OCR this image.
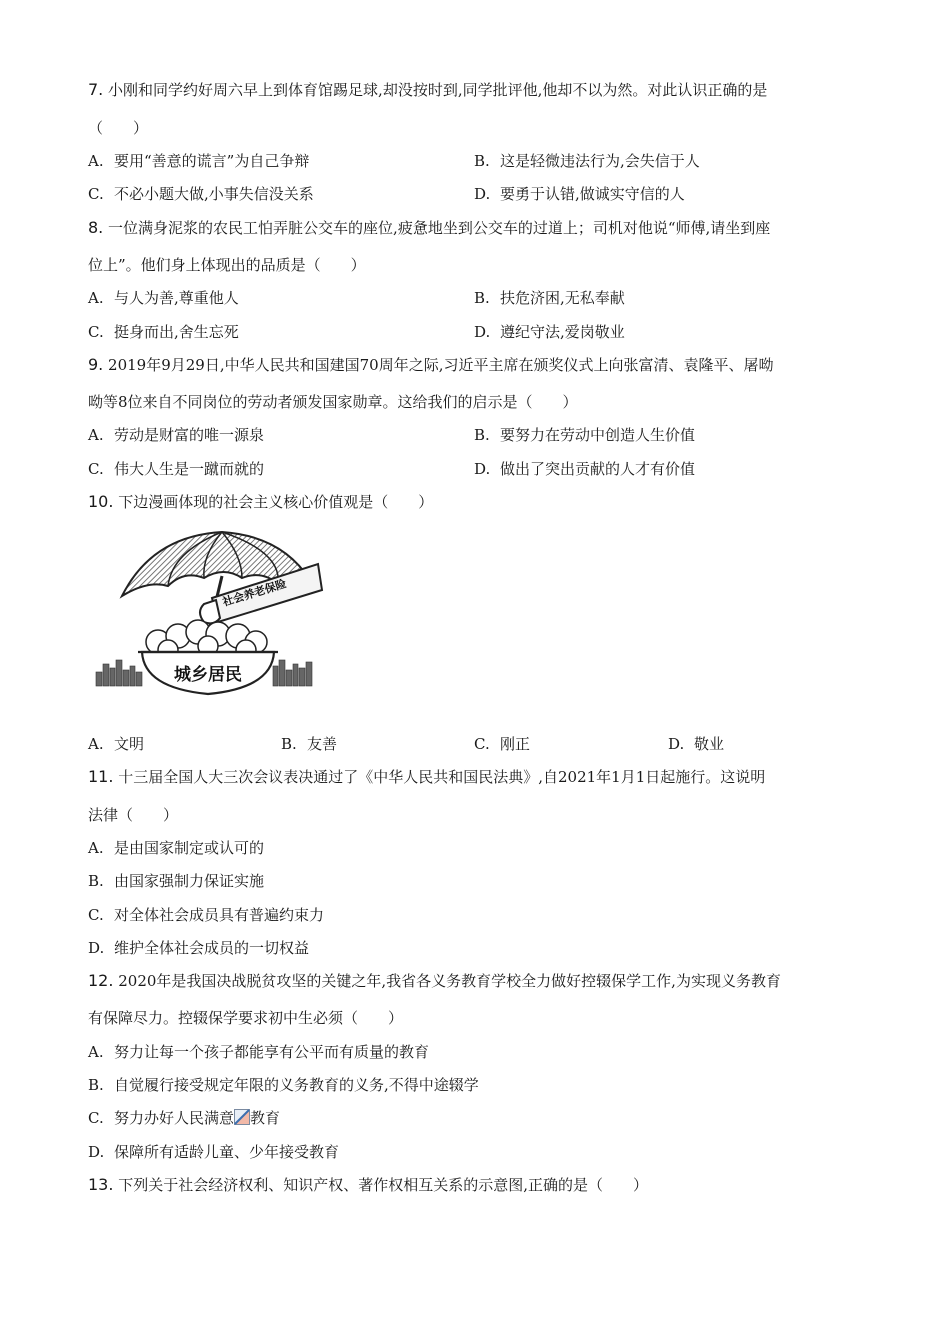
7. 小刚和同学约好周六早上到体育馆踢足球,却没按时到,同学批评他,他却不以为然。对此认识正确的是
（　　）
A. 要用“善意的谎言”为自己争辩	B. 这是轻微违法行为,会失信于人
C. 不必小题大做,小事失信没关系	D. 要勇于认错,做诚实守信的人
8. 一位满身泥浆的农民工怕弄脏公交车的座位,疲惫地坐到公交车的过道上；司机对他说“师傅,请坐到座
位上”。他们身上体现出的品质是（　　）
A. 与人为善,尊重他人	B. 扶危济困,无私奉献
C. 挺身而出,舍生忘死	D. 遵纪守法,爱岗敬业
9. 2019年9月29日,中华人民共和国建国70周年之际,习近平主席在颁奖仪式上向张富清、袁隆平、屠呦
呦等8位来自不同岗位的劳动者颁发国家勋章。这给我们的启示是（　　）
A. 劳动是财富的唯一源泉	B. 要努力在劳动中创造人生价值
C. 伟大人生是一蹴而就的	D. 做出了突出贡献的人才有价值
10. 下边漫画体现的社会主义核心价值观是（　　）
社会养老保险
城乡居民
A. 文明	B. 友善	C. 刚正	D. 敬业
11. 十三届全国人大三次会议表决通过了《中华人民共和国民法典》,自2021年1月1日起施行。这说明
法律（　　）
A. 是由国家制定或认可的
B. 由国家强制力保证实施
C. 对全体社会成员具有普遍约束力
D. 维护全体社会成员的一切权益
12. 2020年是我国决战脱贫攻坚的关键之年,我省各义务教育学校全力做好控辍保学工作,为实现义务教育
有保障尽力。控辍保学要求初中生必须（　　）
A. 努力让每一个孩子都能享有公平而有质量的教育
B. 自觉履行接受规定年限的义务教育的义务,不得中途辍学
C. 努力办好人民满意 教育
D. 保障所有适龄儿童、少年接受教育
13. 下列关于社会经济权利、知识产权、著作权相互关系的示意图,正确的是（　　）
